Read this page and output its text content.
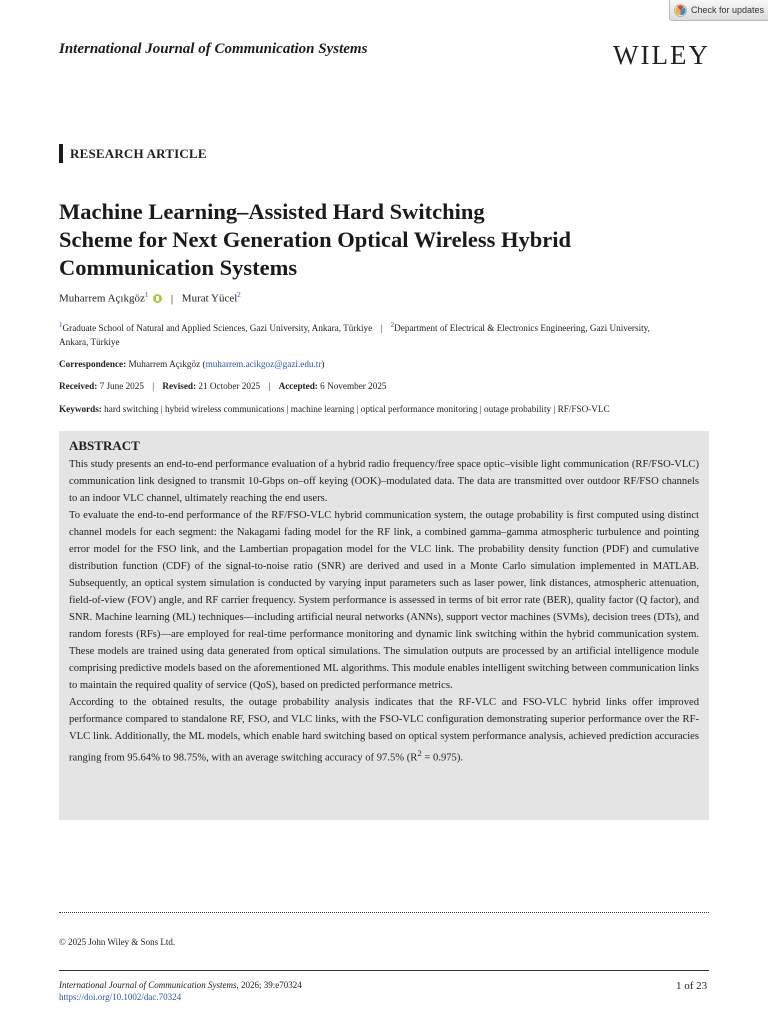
Check for updates
International Journal of Communication Systems	WILEY
RESEARCH ARTICLE
Machine Learning–Assisted Hard Switching
Scheme for Next Generation Optical Wireless Hybrid
Communication Systems
Muharrem Açıkgöz$^1$ | Murat Yücel$^2$
$^1$Graduate School of Natural and Applied Sciences, Gazi University, Ankara, Türkiye | $^2$Department of Electrical & Electronics Engineering, Gazi University, Ankara, Türkiye
Correspondence: Muharrem Açıkgöz (muharrem.acikgoz@gazi.edu.tr)
Received: 7 June 2025 | Revised: 21 October 2025 | Accepted: 6 November 2025
Keywords: hard switching | hybrid wireless communications | machine learning | optical performance monitoring | outage probability | RF/FSO-VLC
ABSTRACT

This study presents an end-to-end performance evaluation of a hybrid radio frequency/free space optic–visible light communication (RF/FSO-VLC) communication link designed to transmit 10-Gbps on–off keying (OOK)–modulated data. The data are transmitted over outdoor RF/FSO channels to an indoor VLC channel, ultimately reaching the end users.

To evaluate the end-to-end performance of the RF/FSO-VLC hybrid communication system, the outage probability is first computed using distinct channel models for each segment: the Nakagami fading model for the RF link, a combined gamma–gamma atmospheric turbulence and pointing error model for the FSO link, and the Lambertian propagation model for the VLC link. The probability density function (PDF) and cumulative distribution function (CDF) of the signal-to-noise ratio (SNR) are derived and used in a Monte Carlo simulation implemented in MATLAB. Subsequently, an optical system simulation is conducted by varying input parameters such as laser power, link distances, atmospheric attenuation, field-of-view (FOV) angle, and RF carrier frequency. System performance is assessed in terms of bit error rate (BER), quality factor (Q factor), and SNR. Machine learning (ML) techniques—including artificial neural networks (ANNs), support vector machines (SVMs), decision trees (DTs), and random forests (RFs)—are employed for real-time performance monitoring and dynamic link switching within the hybrid communication system. These models are trained using data generated from optical simulations. The simulation outputs are processed by an artificial intelligence module comprising predictive models based on the aforementioned ML algorithms. This module enables intelligent switching between communication links to maintain the required quality of service (QoS), based on predicted performance metrics.

According to the obtained results, the outage probability analysis indicates that the RF-VLC and FSO-VLC hybrid links offer improved performance compared to standalone RF, FSO, and VLC links, with the FSO-VLC configuration demonstrating superior performance over the RF-VLC link. Additionally, the ML models, which enable hard switching based on optical system performance analysis, achieved prediction accuracies ranging from 95.64% to 98.75%, with an average switching accuracy of 97.5% $(R^2 = 0.975)$.

© 2025 John Wiley & Sons Ltd.
International Journal of Communication Systems, 2026; 39:e70324
https://doi.org/10.1002/dac.70324
1 of 23
